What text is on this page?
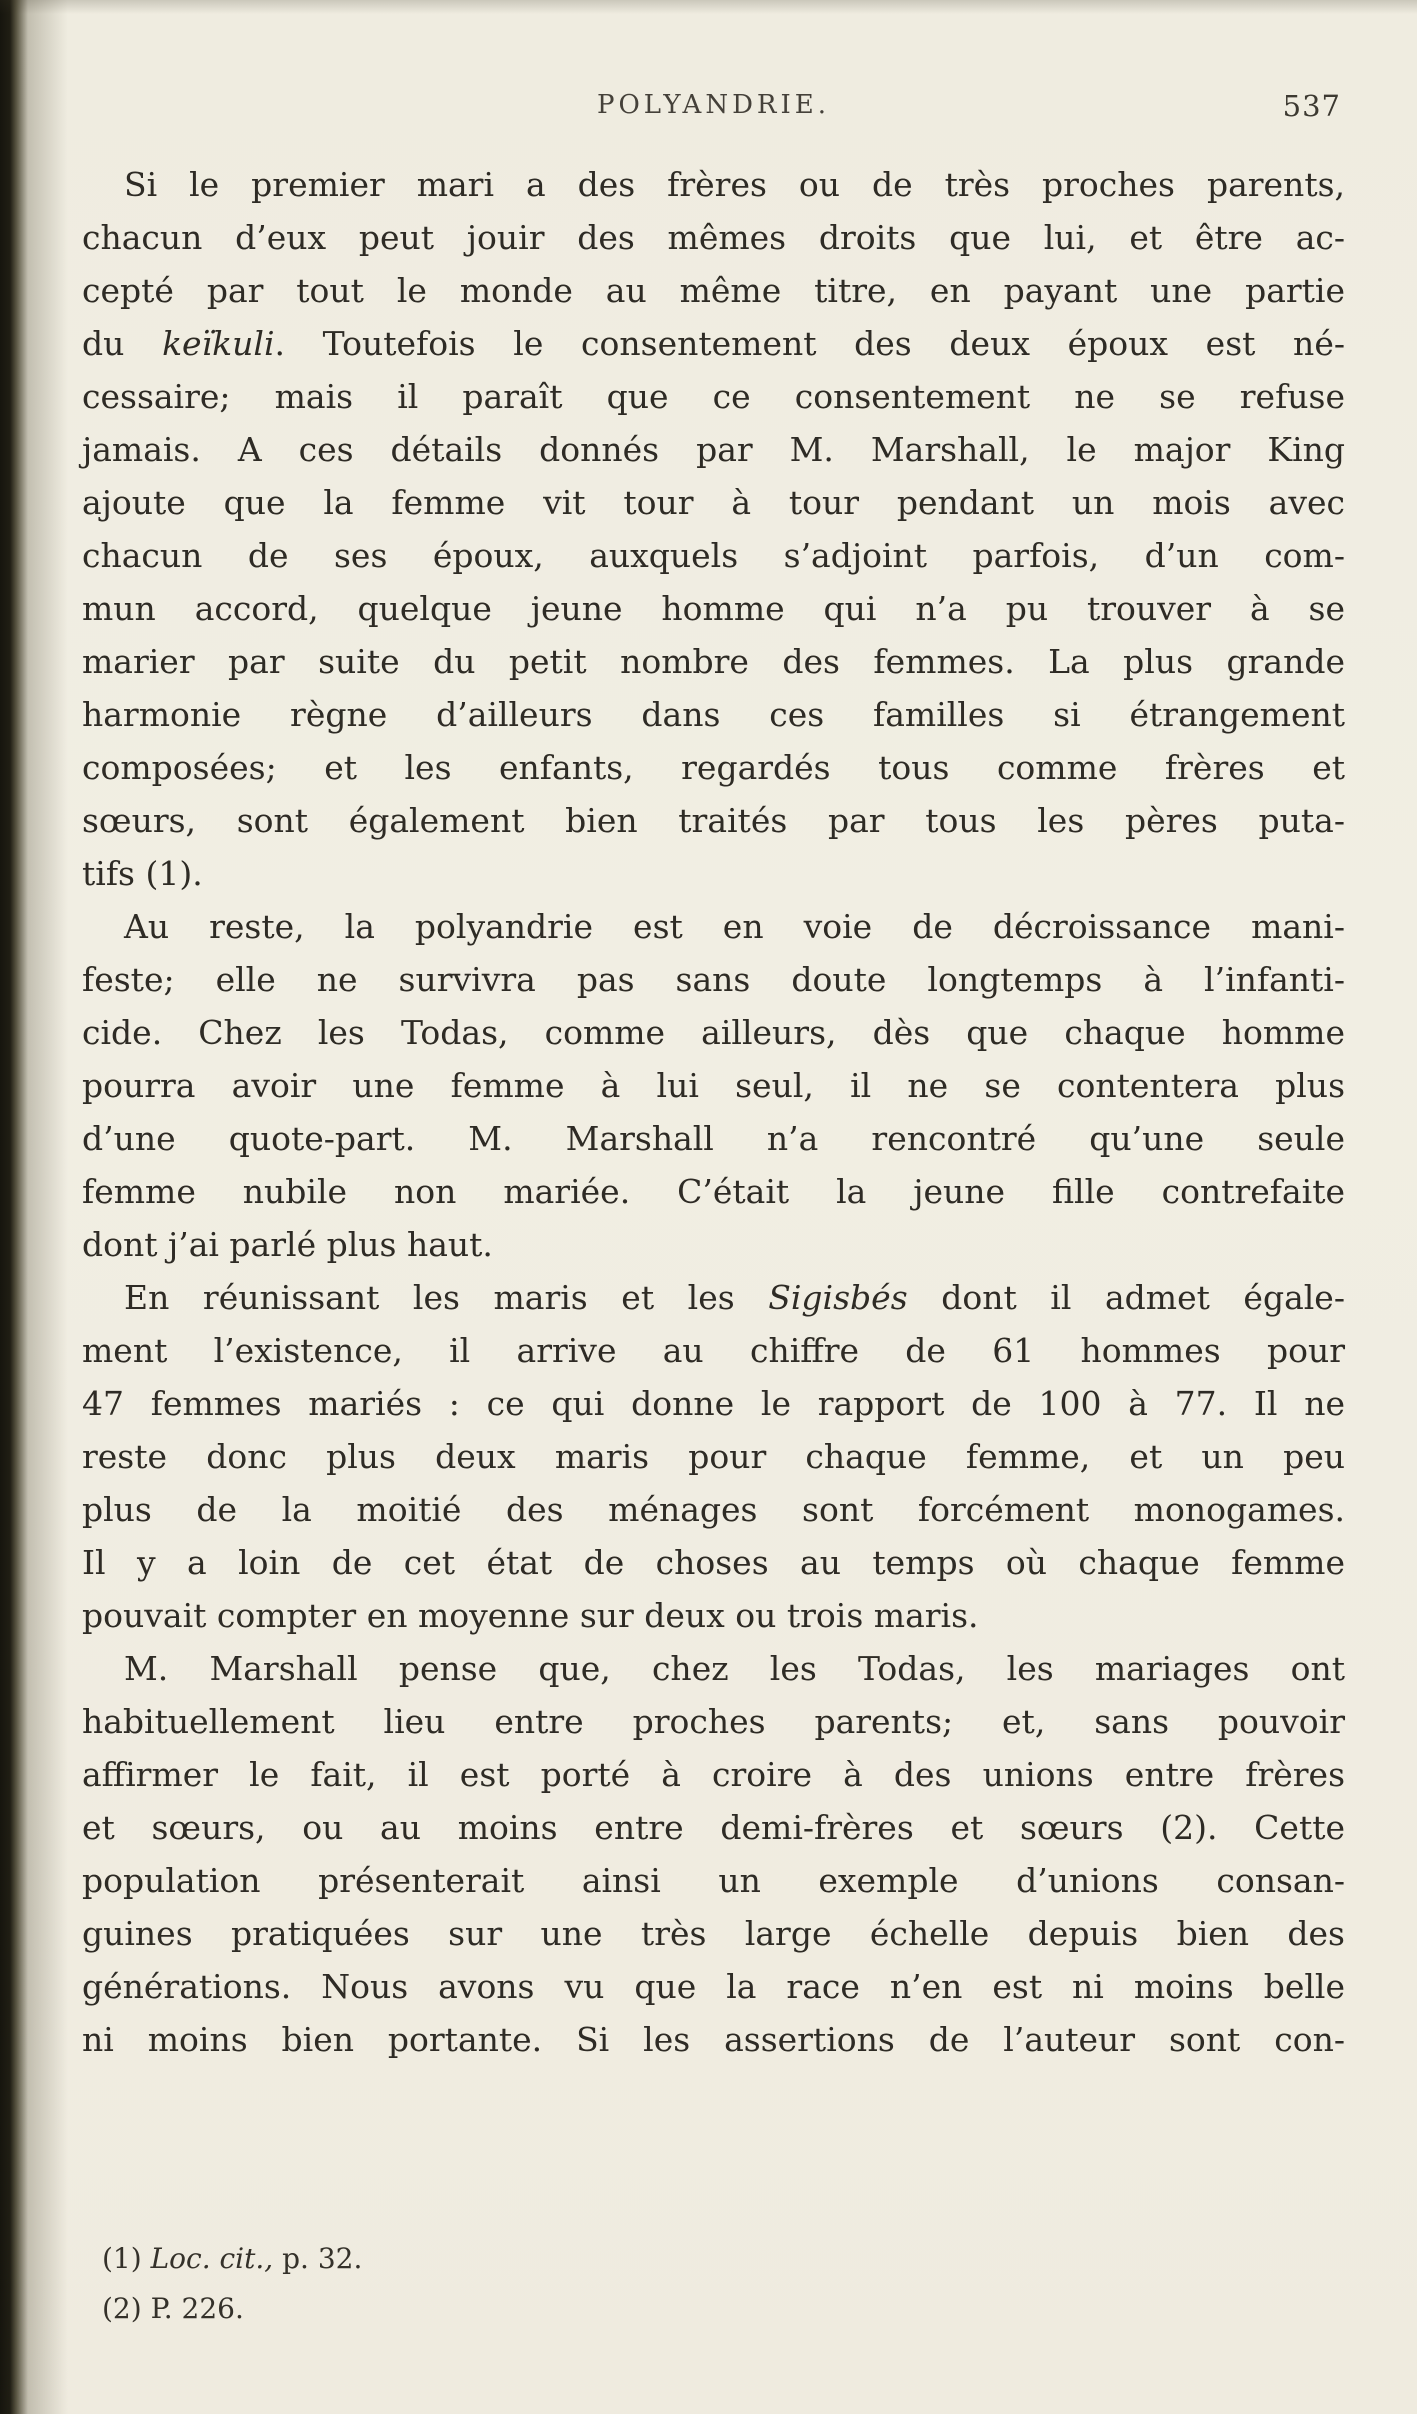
POLYANDRIE.	537
Si le premier mari a des frères ou de très proches parents,
chacun d’eux peut jouir des mêmes droits que lui, et être ac-
cepté par tout le monde au même titre, en payant une partie
du keïkuli. Toutefois le consentement des deux époux est né-
cessaire; mais il paraît que ce consentement ne se refuse
jamais. A ces détails donnés par M. Marshall, le major King
ajoute que la femme vit tour à tour pendant un mois avec
chacun de ses époux, auxquels s’adjoint parfois, d’un com-
mun accord, quelque jeune homme qui n’a pu trouver à se
marier par suite du petit nombre des femmes. La plus grande
harmonie règne d’ailleurs dans ces familles si étrangement
composées; et les enfants, regardés tous comme frères et
sœurs, sont également bien traités par tous les pères puta-
tifs (1).
Au reste, la polyandrie est en voie de décroissance mani-
feste; elle ne survivra pas sans doute longtemps à l’infanti-
cide. Chez les Todas, comme ailleurs, dès que chaque homme
pourra avoir une femme à lui seul, il ne se contentera plus
d’une quote-part. M. Marshall n’a rencontré qu’une seule
femme nubile non mariée. C’était la jeune fille contrefaite
dont j’ai parlé plus haut.
En réunissant les maris et les Sigisbés dont il admet égale-
ment l’existence, il arrive au chiffre de 61 hommes pour
47 femmes mariés : ce qui donne le rapport de 100 à 77. Il ne
reste donc plus deux maris pour chaque femme, et un peu
plus de la moitié des ménages sont forcément monogames.
Il y a loin de cet état de choses au temps où chaque femme
pouvait compter en moyenne sur deux ou trois maris.
M. Marshall pense que, chez les Todas, les mariages ont
habituellement lieu entre proches parents; et, sans pouvoir
affirmer le fait, il est porté à croire à des unions entre frères
et sœurs, ou au moins entre demi-frères et sœurs (2). Cette
population présenterait ainsi un exemple d’unions consan-
guines pratiquées sur une très large échelle depuis bien des
générations. Nous avons vu que la race n’en est ni moins belle
ni moins bien portante. Si les assertions de l’auteur sont con-
(1) Loc. cit., p. 32.
(2) P. 226.
